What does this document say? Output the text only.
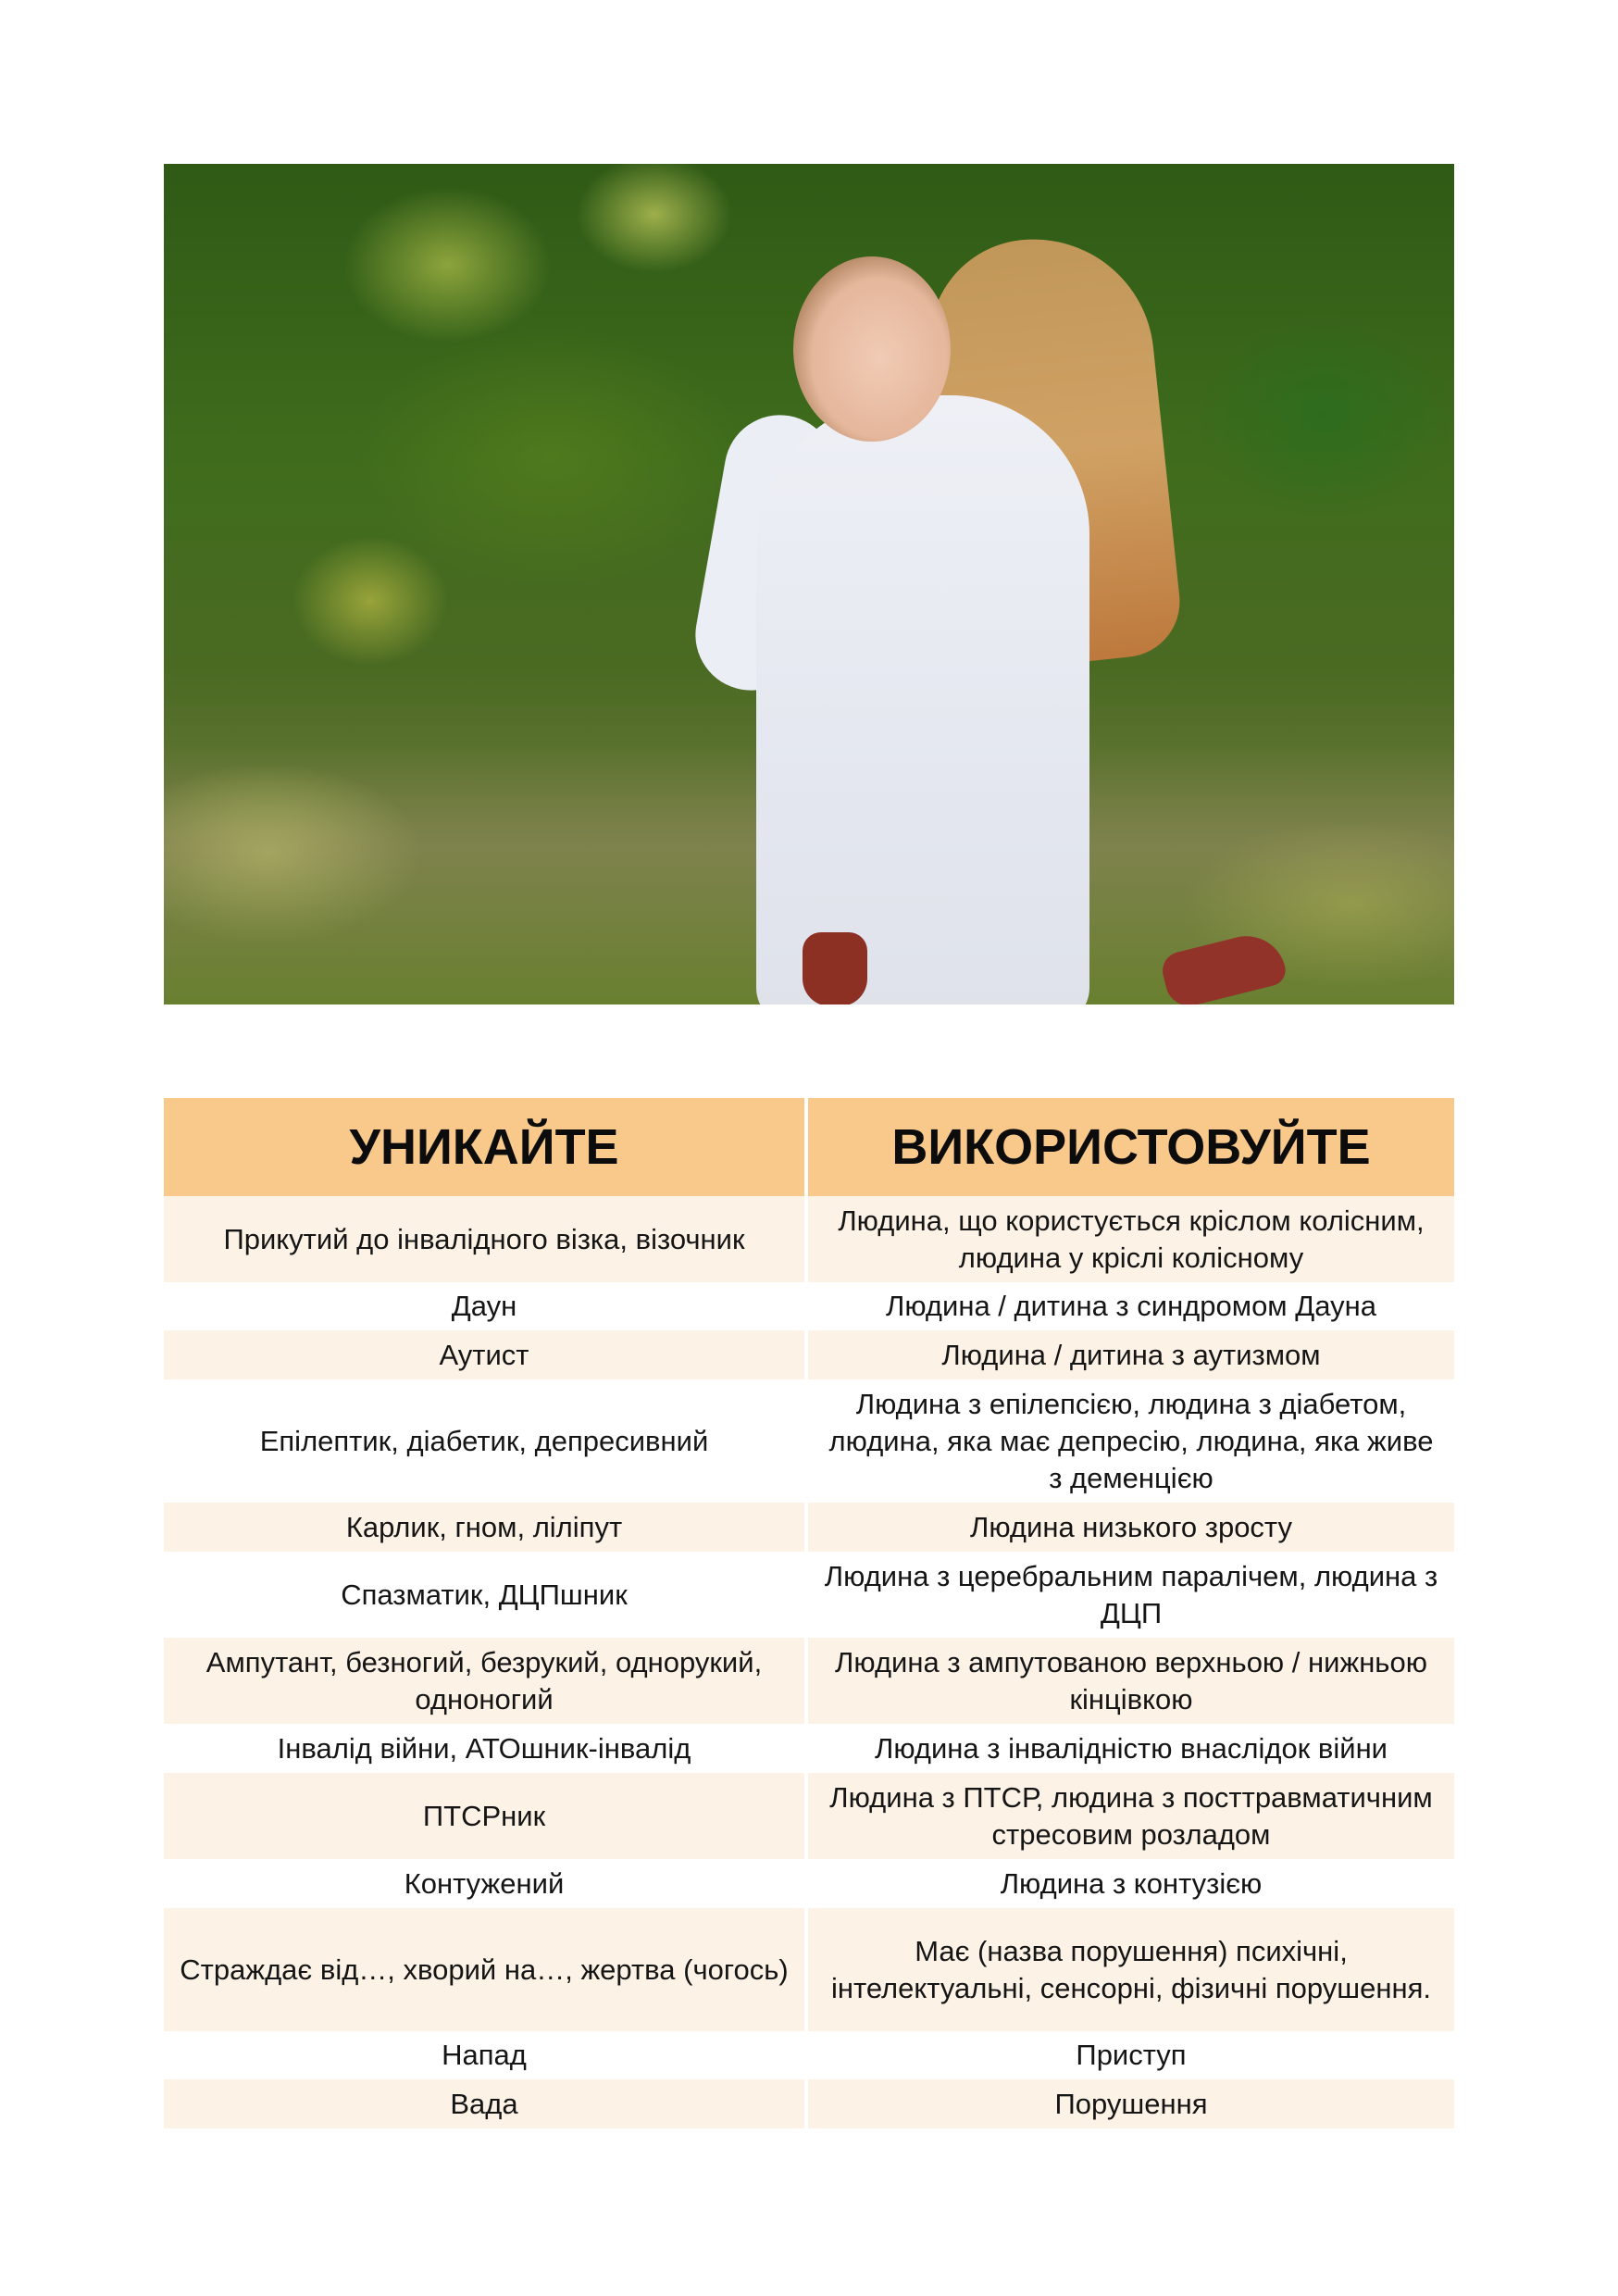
УНИКАЙТЕ	ВИКОРИСТОВУЙТЕ
Прикутий до інвалідного візка, візочник	Людина, що користується кріслом колісним, людина у кріслі колісному
Даун	Людина / дитина з синдромом Дауна
Аутист	Людина / дитина з аутизмом
Епілептик, діабетик, депресивний	Людина з епілепсією, людина з діабетом, людина, яка має депресію, людина, яка живе з деменцією
Карлик, гном, ліліпут	Людина низького зросту
Спазматик, ДЦПшник	Людина з церебральним паралічем, людина з ДЦП
Ампутант, безногий, безрукий, однорукий, одноногий	Людина з ампутованою верхньою / нижньою кінцівкою
Інвалід війни, АТОшник-інвалід	Людина з інвалідністю внаслідок війни
ПТСРник	Людина з ПТСР, людина з посттравматичним стресовим розладом
Контужений	Людина з контузією
Страждає від…, хворий на…, жертва (чогось)	Має (назва порушення) психічні, інтелектуальні, сенсорні, фізичні порушення.
Напад	Приступ
Вада	Порушення
